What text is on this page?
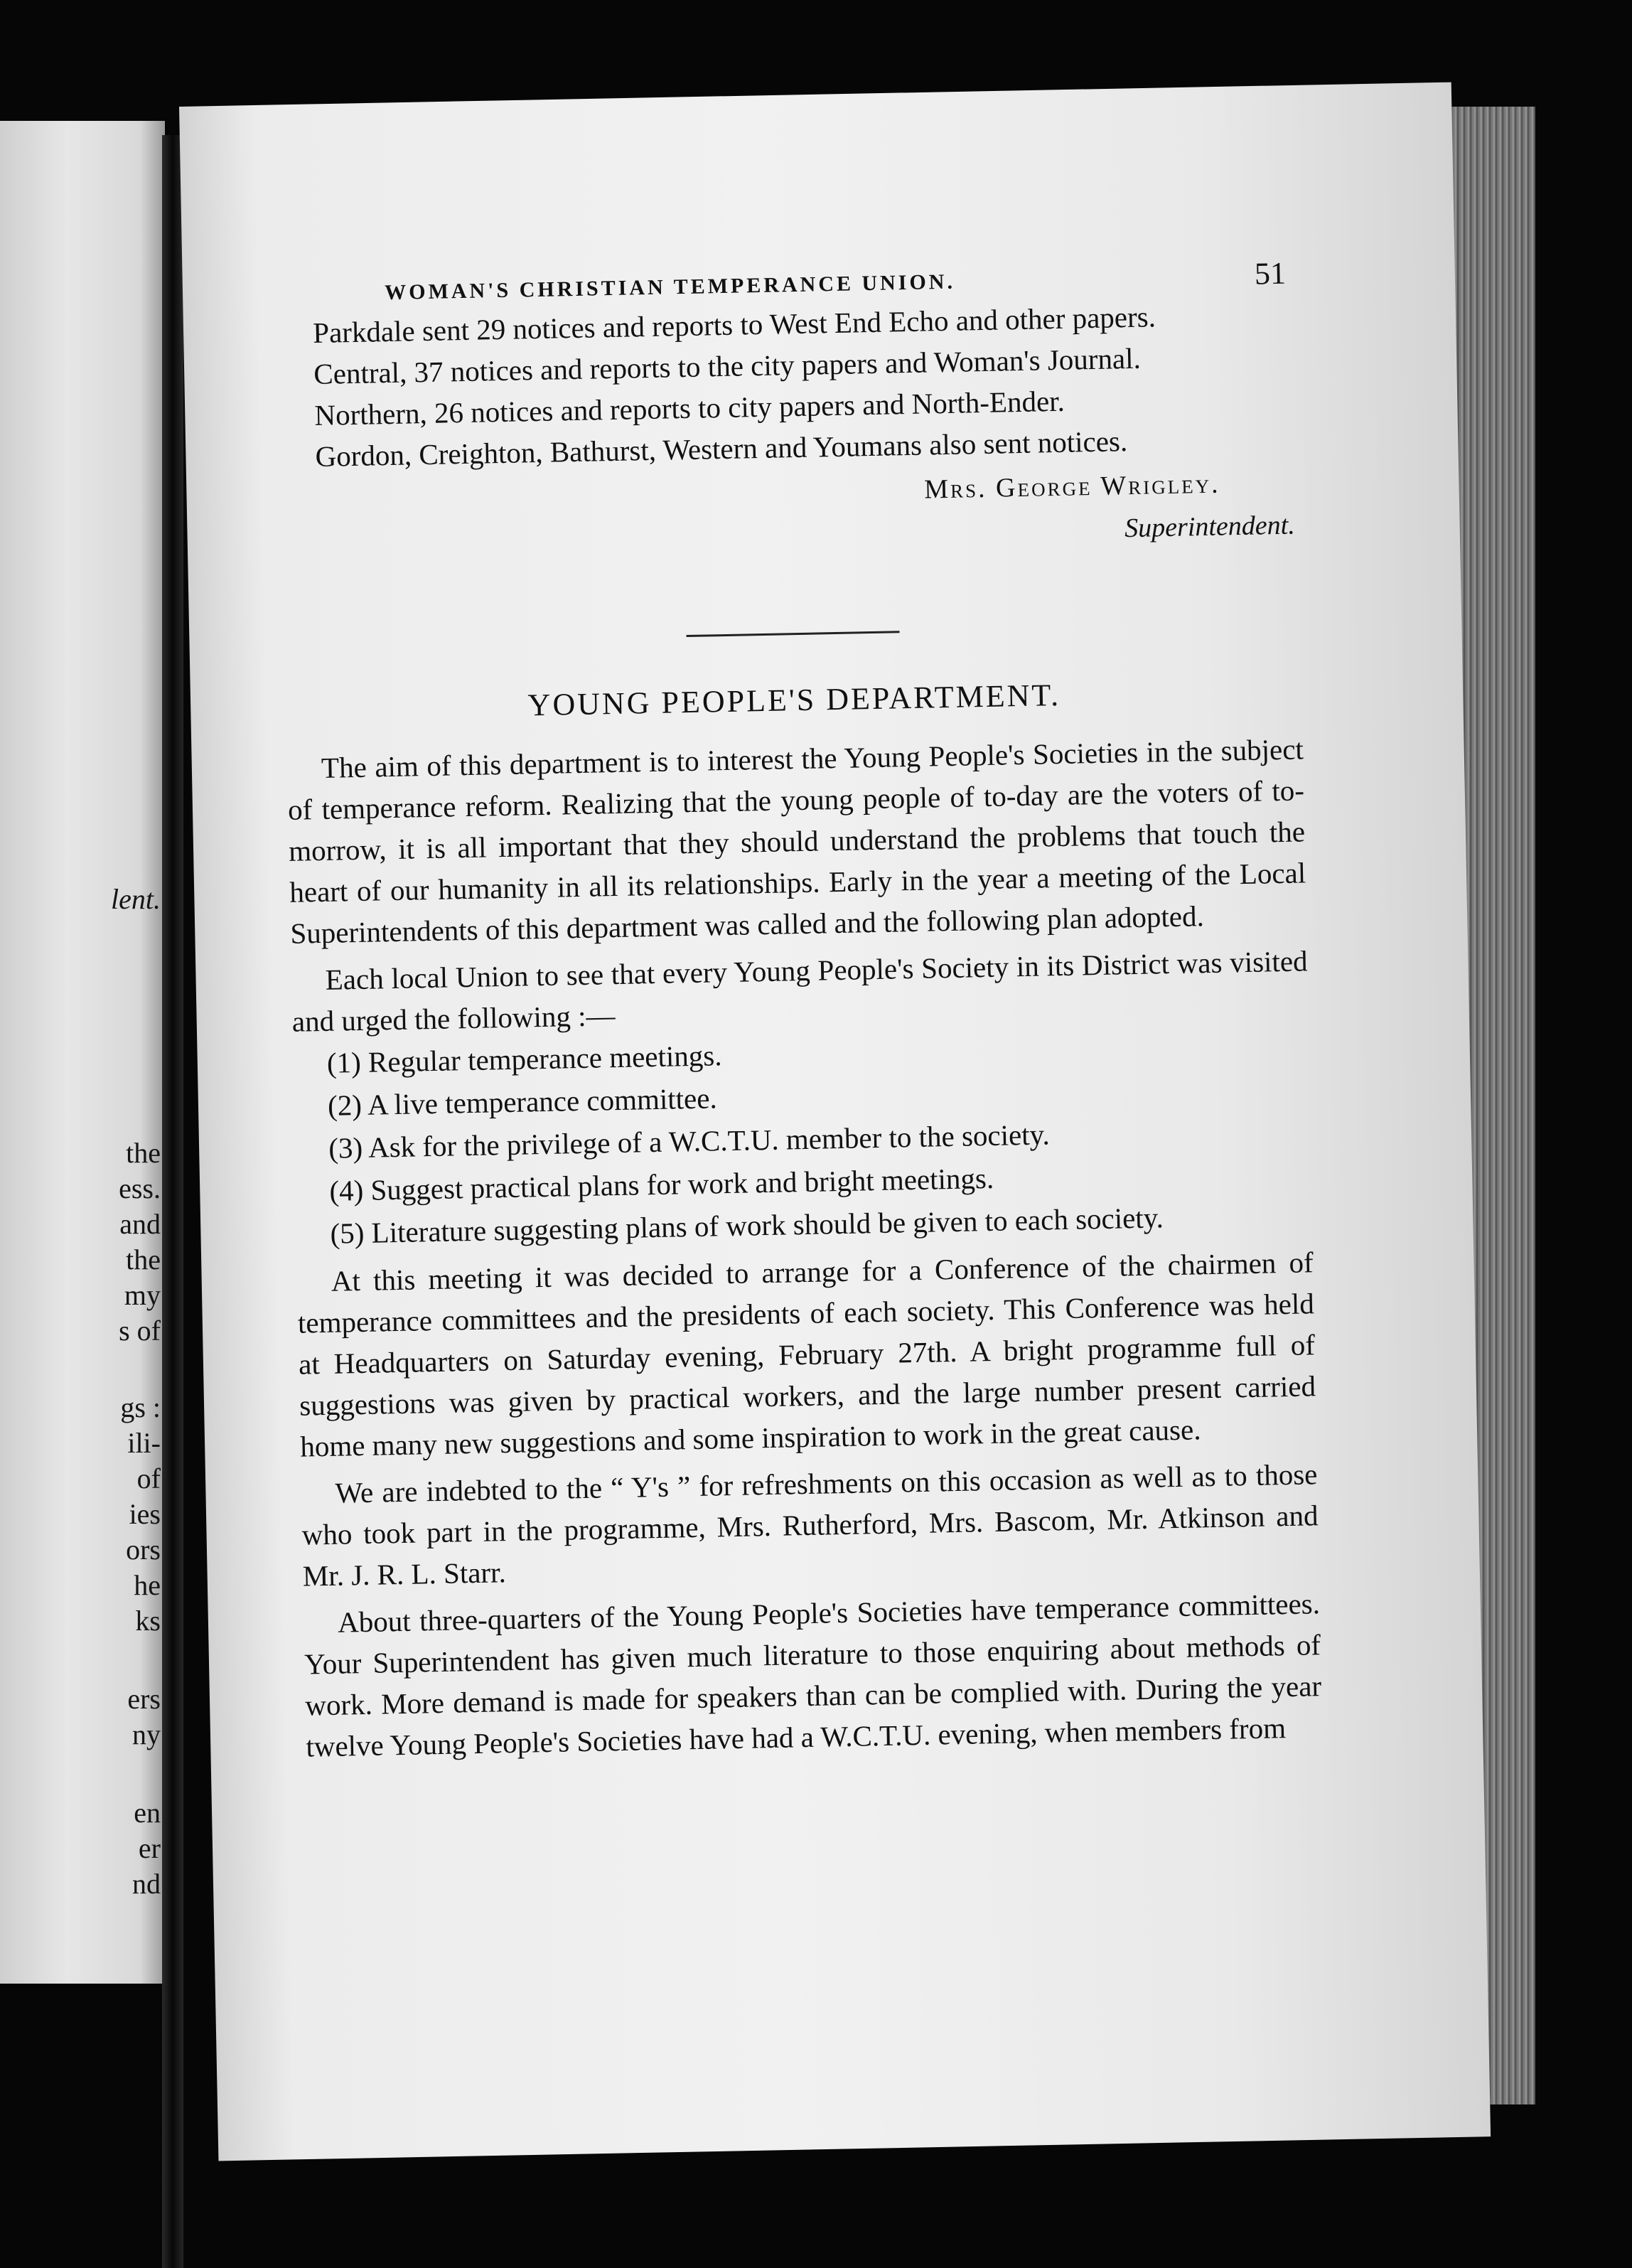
lent.
the
ess.
and
the
my
s of
gs :
ili-
of
ies
ors
he
ks
ers
ny
en
er
nd
WOMAN'S CHRISTIAN TEMPERANCE UNION.	51

Parkdale sent 29 notices and reports to West End Echo and other papers.

Central, 37 notices and reports to the city papers and Woman's Journal.

Northern, 26 notices and reports to city papers and North-Ender.

Gordon, Creighton, Bathurst, Western and Youmans also sent notices.

Mrs. George Wrigley.
Superintendent.
YOUNG PEOPLE'S DEPARTMENT.

The aim of this department is to interest the Young People's Societies in the subject of temperance reform. Realizing that the young people of to-day are the voters of to-morrow, it is all important that they should understand the problems that touch the heart of our humanity in all its relationships. Early in the year a meeting of the Local Superintendents of this department was called and the following plan adopted.

Each local Union to see that every Young People's Society in its District was visited and urged the following :—

(1) Regular temperance meetings.

(2) A live temperance committee.

(3) Ask for the privilege of a W.C.T.U. member to the society.

(4) Suggest practical plans for work and bright meetings.

(5) Literature suggesting plans of work should be given to each society.

At this meeting it was decided to arrange for a Conference of the chairmen of temperance committees and the presidents of each society. This Conference was held at Headquarters on Saturday evening, February 27th. A bright programme full of suggestions was given by practical workers, and the large number present carried home many new suggestions and some inspiration to work in the great cause.

We are indebted to the “ Y's ” for refreshments on this occasion as well as to those who took part in the programme, Mrs. Rutherford, Mrs. Bascom, Mr. Atkinson and Mr. J. R. L. Starr.

About three-quarters of the Young People's Societies have temperance committees. Your Superintendent has given much literature to those enquiring about methods of work. More demand is made for speakers than can be complied with. During the year twelve Young People's Societies have had a W.C.T.U. evening, when members from
